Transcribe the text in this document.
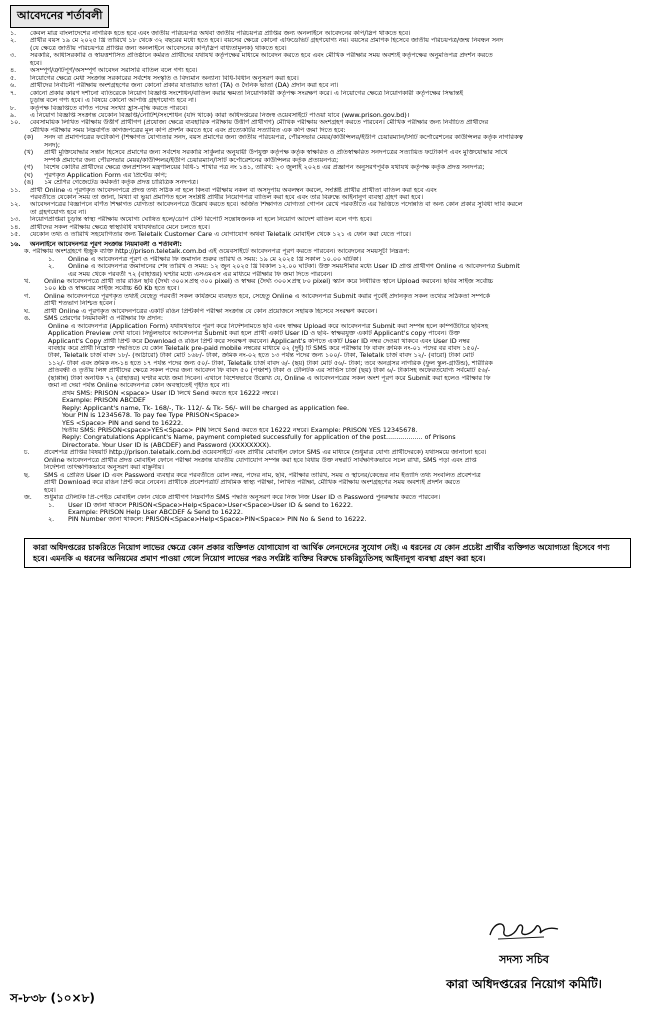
আবেদনের শর্তাবলী
১.	কেবল মাত্র বাংলাদেশের নাগরিক হতে হবে এবং জাতীয় পরিচয়পত্র অথবা জাতীয় পরিচয়পত্র প্রাপ্তির জন্য অনলাইনে আবেদনের কপি/স্লিপ থাকতে হবে।
২.	প্রার্থীর বয়স ১৯ মে ২০২৫ খ্রি তারিখে ১৮ থেকে ৩২ বছরের মধ্যে হতে হবে। বয়সের ক্ষেত্রে কোনো এফিডেভিট গ্রহণযোগ্য নয়। বয়সের প্রমাণক হিসেবে জাতীয় পরিচয়পত্র/জন্ম নিবন্ধন সনদ
(যে ক্ষেত্রে জাতীয় পরিচয়পত্র প্রাপ্তির জন্য অনলাইনে আবেদনের কপি/স্লিপ বাধ্যতামূলক) থাকতে হবে।
৩.	সরকারি, আধাসরকারি ও স্বায়ত্তশাসিত প্রতিষ্ঠানে কর্মরত প্রার্থীদের যথাযথ কর্তৃপক্ষের মাধ্যমে আবেদন করতে হবে এবং মৌখিক পরীক্ষার সময় অবশ্যই কর্তৃপক্ষের অনুমতিপত্র প্রদর্শন করতে
হবে।
৪.	অসম্পূর্ণ/ত্রুটিপূর্ণ/অসম্পূর্ণ আবেদন সরাসরি বাতিল বলে গণ্য হবে।
৫.	নিয়োগের ক্ষেত্রে মেধা সংক্রান্ত সরকারের সর্বশেষ সংস্কৃতি ও বিদ্যমান অন্যান্য বিধি-বিধান অনুসরণ করা হবে।
৬.	প্রার্থীদের নির্বাচনী পরীক্ষায় অংশগ্রহণের জন্য কোনো প্রকার যাতায়াত ভাতা (TA) ও দৈনিক ভাতা (DA) প্রদান করা হবে না।
৭.	কোনো প্রকার কারণ দর্শানো ব্যতিরেকে নিয়োগ বিজ্ঞপ্তি সংশোধন/বাতিল করার ক্ষমতা নিয়োগকারী কর্তৃপক্ষ সংরক্ষণ করে। এ নিয়োগের ক্ষেত্রে নিয়োগকারী কর্তৃপক্ষের সিদ্ধান্তই
চূড়ান্ত বলে গণ্য হবে। এ বিষয়ে কোনো আপত্তি গ্রহণযোগ্য হবে না।
৮.	কর্তৃপক্ষ বিজ্ঞপ্তিতে বর্ণিত পদের সংখ্যা হ্রাস-বৃদ্ধি করতে পারবে।
৯.	এ নিয়োগ বিজ্ঞপ্তি সংক্রান্ত যেকোন বিজ্ঞপ্তি/নোটিশ/সংশোধন (যদি থাকে) কারা অধিদপ্তরের নিজস্ব ওয়েবসাইটে পাওয়া যাবে (www.prison.gov.bd)।
১০.	বেবসাময়িক লিখিত পরীক্ষায় উত্তীর্ণ প্রার্থীগণ (প্রযোজ্য ক্ষেত্রে ব্যবহারিক পরীক্ষায় উত্তীর্ণ প্রার্থীগণ) মৌখিক পরীক্ষায় অংশগ্রহণ করতে পারবেন। মৌখিক পরীক্ষার জন্য নির্বাচিত প্রার্থীদের
মৌখিক পরীক্ষার সময় নিম্নবর্ণিত কাগজপত্রের মূল কপি প্রদর্শন করতে হবে এবং প্রত্যেকটির সত্যায়িত এক কপি জমা দিতে হবে:
(ক)	সনদ বা প্রমাণপত্রের ফটোকপি (শিক্ষাগত যোগ্যতার সনদ, বয়স প্রমাণের জন্য জাতীয় পরিচয়পত্র, পৌরসভার মেয়র/কাউন্সিলর/ইউপি চেয়ারম্যান/সিটি কর্পোরেশনের কাউন্সিলর কর্তৃক নাগরিকত্ব
সনদ);
(খ)	প্রার্থী মুক্তিযোদ্ধার সন্তান হিসেবে প্রমাণের জন্য সর্বশেষ সরকারি সার্কুলার অনুযায়ী উপযুক্ত কর্তৃপক্ষ কর্তৃক স্বাক্ষরিত ও প্রতিস্বাক্ষরিত সনদপত্রের সত্যায়িত ফটোকপি এবং মুক্তিযোদ্ধার সাথে
সম্পর্ক প্রমাণের জন্য পৌরসভার মেয়র/কাউন্সিলর/ইউপি চেয়ারম্যান/সিটি কর্পোরেশনের কাউন্সিলর কর্তৃক প্রত্যয়নপত্র;
(গ)	বিশেষ কোটার প্রার্থীদের ক্ষেত্রে জনপ্রশাসন মন্ত্রণালয়ের বিধি-১ শাখার পত্র নং ১৪১, তারিখ: ২৩ জুলাই ২০২৪ এর প্রজ্ঞাপন অনুসরণপূর্বক যথাযথ কর্তৃপক্ষ কর্তৃক প্রদত্ত সনদপত্র;
(ঘ)	পূরণকৃত Application Form এর প্রিন্টেড কপি;
(ঙ)	১ম শ্রেণির গেজেটেড কর্মকর্তা কর্তৃক প্রদত্ত চারিত্রিক সনদপত্র।
১১.	প্রার্থী Online এ পূরণকৃত আবেদনপত্রে প্রদত্ত তথ্য সঠিক না হলে কিংবা পরীক্ষায় নকল বা অসদুপায় অবলম্বন করলে, সংশ্লিষ্ট প্রার্থীর প্রার্থীতা বাতিল করা হবে এবং
পরবর্তীতে যেকোন সময় তা জানা, মিথ্যা বা ভুয়া প্রমাণিত হলে সংশ্লিষ্ট প্রার্থীর নিয়োগপত্র বাতিল করা হবে এবং তার বিরুদ্ধে আইনানুগ ব্যবস্থা গ্রহণ করা হবে।
১২.	আবেদনপত্রের বিজ্ঞাপনে বর্ণিত শিক্ষাগত যোগ্যতা আবেদনপত্রে উল্লেখ করতে হবে। অর্জিত শিক্ষাগত যোগ্যতা গোপন রেখে পরবর্তীতে এর ভিত্তিতে পদোন্নতি বা অন্য কোন প্রকার সুবিধা দাবি করলে
তা গ্রহণযোগ্য হবে না।
১৩.	নিয়োগপ্রাপ্তরা চূড়ান্ত স্বাস্থ্য পরীক্ষায় অযোগ্য ঘোষিত হলে/ডোপ টেস্ট রিপোর্ট সন্তোষজনক না হলে নিয়োগ আদেশ বাতিল বলে গণ্য হবে।
১৪.	প্রার্থীদের সকল পরীক্ষায় ক্ষেত্রে স্বাস্থ্যবিধি যথাযথভাবে মেনে চলতে হবে।
১৫.	যেকোন তথ্য ও তারিখি সহযোগিতার জন্য Teletalk Customer Care এ যোগাযোগ অথবা Teletalk মোবাইল থেকে ১২১ এ ফোন করা যেতে পারে।
১৬.	অনলাইনে আবেদনপত্র পূরণ সংক্রান্ত নিয়মাবলী ও শর্তাবলী:
ক. পরীক্ষায় অংশগ্রহণে ইচ্ছুক ব্যক্তি http://prison.teletalk.com.bd এই ওয়েবসাইটে আবেদনপত্র পূরণ করতে পারবেন। আবেদনের সময়সূচী নিম্নরূপ:
১.	Online এ আবেদনপত্র পূরণ ও পরীক্ষার ফি জমাদান শুরুর তারিখ ও সময়: ১৯ মে ২০২৫ খ্রি সকাল ১০.০০ ঘটিকা।
২.	Online এ আবেদনপত্র জমাদানের শেষ তারিখ ও সময়: ১২ জুন ২০২৫ খ্রি বিকাল ১২.০০ ঘটিকা। উক্ত সময়সীমার মধ্যে User ID প্রাপ্ত প্রার্থীগণ Online এ আবেদনপত্র Submit
এর সময় থেকে পরবর্তী ৭২ (বাহাত্তর) ঘণ্টার মধ্যে এসএমএস এর মাধ্যমে পরীক্ষার ফি জমা দিতে পারবেন।
খ.	Online আবেদনপত্রে প্রার্থী তার রঙিন ছবি (দৈর্ঘ্য ৩০০×প্রস্থ ৩০০ pixel) ও স্বাক্ষর (দৈর্ঘ্য ৩০০×প্রস্থ ৮০ pixel) স্ক্যান করে নির্ধারিত স্থানে Upload করবেন। ছবির সাইজ সর্বোচ্চ
১০০ kb ও স্বাক্ষরের সাইজ সর্বোচ্চ 60 Kb হতে হবে।
গ.	Online আবেদনপত্রে পূরণকৃত তথ্যই যেহেতু পরবর্তী সকল কার্যক্রমে ব্যবহৃত হবে, সেহেতু Online এ আবেদনপত্র Submit করার পূর্বেই প্রদানকৃত সকল তথ্যের সঠিকতা সম্পর্কে
প্রার্থী শতভাগ নিশ্চিত হবেন।
ঘ.	প্রার্থী Online এ পূরণকৃত আবেদনপত্রের একটি রঙিন প্রিন্টকপি পরীক্ষা সংক্রান্ত যে কোন প্রয়োজনে সহায়ক হিসেবে সংরক্ষণ করবেন।
ঙ.	SMS প্রেরণের নিয়মাবলী ও পরীক্ষার ফি প্রদান:
Online এ আবেদনপত্র (Application Form) যথাযথভাবে পূরণ করে নির্দেশনামতে ছবি এবং স্বাক্ষর Upload করে আবেদনপত্র Submit করা সম্পন্ন হলে কম্পিউটারে ছবিসহ
Application Preview দেখা যাবে। নির্ভুলভাবে আবেদনপত্র Submit করা হলে প্রার্থী একটি User ID ও ছবি- স্বাক্ষরযুক্ত একটি Applicant's copy পাবেন। উক্ত
Applicant's Copy প্রার্থী প্রিন্ট করে Download ও রঙিন প্রিন্ট করে সংরক্ষণ করবেন। Applicant's কপিতে একটি User ID নম্বর দেওয়া থাকবে এবং User ID নম্বর
ব্যবহার করে প্রার্থী নিম্নোক্ত পদ্ধতিতে যে কোন Teletalk pre-paid mobile নম্বরের মাধ্যমে ০২ (দুই) টি SMS করে পরীক্ষার ফি বাবদ ক্রমিক নং-০১ পদের বর বাবদ ১৫০/-
টাকা, Teletalk চার্জ বাবদ ১৮/- (আঠারো) টাকা মোট ১৬৮/- টাকা, ক্রমিক নং-০২ হতে ১৩ পর্যন্ত পদের জন্য ১০০/- টাকা, Teletalk চার্জ বাবদ ১২/- (বারো) টাকা মোট
১১২/- টাকা এবং ক্রমিক নং-১৪ হতে ১৭ পর্যন্ত পদের জন্য ৫০/- টাকা, Teletalk চার্জ বাবদ ৬/- (ছয়) টাকা মোট ৫৬/- টাকা; তবে অনগ্রসর নাগরিক (ফুল স্কুল-গ্রাউন্ড), শারীরিক
প্রতিবন্ধী ও তৃতীয় লিঙ্গ প্রার্থীদের ক্ষেত্রে সকল পদের জন্য আবেদন ফি বাবদ ৫০ (পঞ্চাশ) টাকা ও টেলিটক এর সার্ভিস চার্জ (ছয়) টাকা ৬/- টাকাসহ অফেরতযোগ্য সর্বমোট ৫৬/-
(ছাপ্পান্ন) টাকা অনধিক ৭২ (বাহাত্তর) ঘণ্টার মধ্যে জমা দিবেন। এখানে বিশেষভাবে উল্লেখ্য যে, Online এ আবেদনপত্রের সকল অংশ পূরণ করে Submit করা হলেও পরীক্ষার ফি
জমা না দেয়া পর্যন্ত Online আবেদনপত্র কোন অবস্থাতেই গৃহীত হবে না।
প্রথম SMS: PRISON <space> User ID লিখে Send করতে হবে 16222 নম্বরে।
Example: PRISON ABCDEF
Reply: Applicant's name, Tk- 168/-, Tk- 112/- & Tk- 56/- will be charged as application fee.
Your PIN is 12345678. To pay fee Type PRISON<Space>
YES <Space> PIN and send to 16222.
দ্বিতীয় SMS: PRISON<space>YES<Space> PIN লিখে Send করতে হবে 16222 নম্বরে। Example: PRISON YES 12345678.
Reply: Congratulations Applicant's Name, payment completed successfully for application of the post.................. of Prisons
Directorate. Your User ID is (ABCDEF) and Password (XXXXXXXX).
চ.	প্রবেশপত্র প্রাপ্তির বিষয়টি http://prison.teletalk.com.bd ওয়েবসাইটে এবং প্রার্থীর মোবাইল ফোনে SMS এর মাধ্যমে (শুধুমাত্র যোগ্য প্রার্থীদেরকে) যথাসময়ে জানানো হবে।
Online আবেদনপত্রে প্রার্থীর প্রদত্ত মোবাইল ফোনে পরীক্ষা সংক্রান্ত যাবতীয় যোগাযোগ সম্পন্ন করা হবে বিধায় উক্ত নম্বরটি সার্বক্ষণিকভাবে সচল রাখা, SMS পড়া এবং প্রাপ্ত
নির্দেশনা তাৎক্ষণিকভাবে অনুসরণ করা বাঞ্ছনীয়।
ছ.	SMS এ প্রেরিত User ID এবং Password ব্যবহার করে পরবর্তীতে রোল নম্বর, পদের নাম, ছবি, পরীক্ষার তারিখ, সময় ও স্থানের/কেন্দ্রের নাম ইত্যাদি তথ্য সংবলিত প্রবেশপত্র
প্রার্থী Download করে রঙিন প্রিন্ট করে নেবেন। প্রার্থীকে প্রবেশপত্রটি প্রাথমিক স্বাস্থ্য পরীক্ষা, লিখিত পরীক্ষা, মৌখিক পরীক্ষায় অংশগ্রহণের সময় অবশ্যই প্রদর্শন করতে
হবে।
জ.	শুধুমাত্র টেলিটক প্রি-পেইড মোবাইল ফোন থেকে প্রার্থীগণ নিম্নবর্ণিত SMS পদ্ধতি অনুসরণ করে নিজ নিজ User ID ও Password পুনরুদ্ধার করতে পারবেন।
১.	User ID জানা থাকলে PRISON<Space>Help<Space>User<Space>User ID & send to 16222.
Example: PRISON Help User ABCDEF & Send to 16222.
২.	PIN Number জানা থাকলে: PRISON<Space>Help<Space>PIN<Space> PIN No & Send to 16222.
কারা অধিদপ্তরের চাকরিতে নিয়োগ লাভের ক্ষেত্রে কোন প্রকার ব্যক্তিগত যোগাযোগ বা আর্থিক লেনদেনের সুযোগ নেই। এ ধরনের যে কোন প্রচেষ্টা প্রার্থীর ব্যক্তিগত অযোগ্যতা হিসেবে গণ্য হবে। এমনকি এ ধরনের অনিয়মের প্রমাণ পাওয়া গেলে নিয়োগ লাভের পরও সংশ্লিষ্ট ব্যক্তির বিরুদ্ধে চাকরিচ্যুতিসহ আইনানুগ ব্যবস্থা গ্রহণ করা হবে।
সদস্য সচিব
কারা অধিদপ্তরের নিয়োগ কমিটি।
স-৮৩৮ (১০×৮)
